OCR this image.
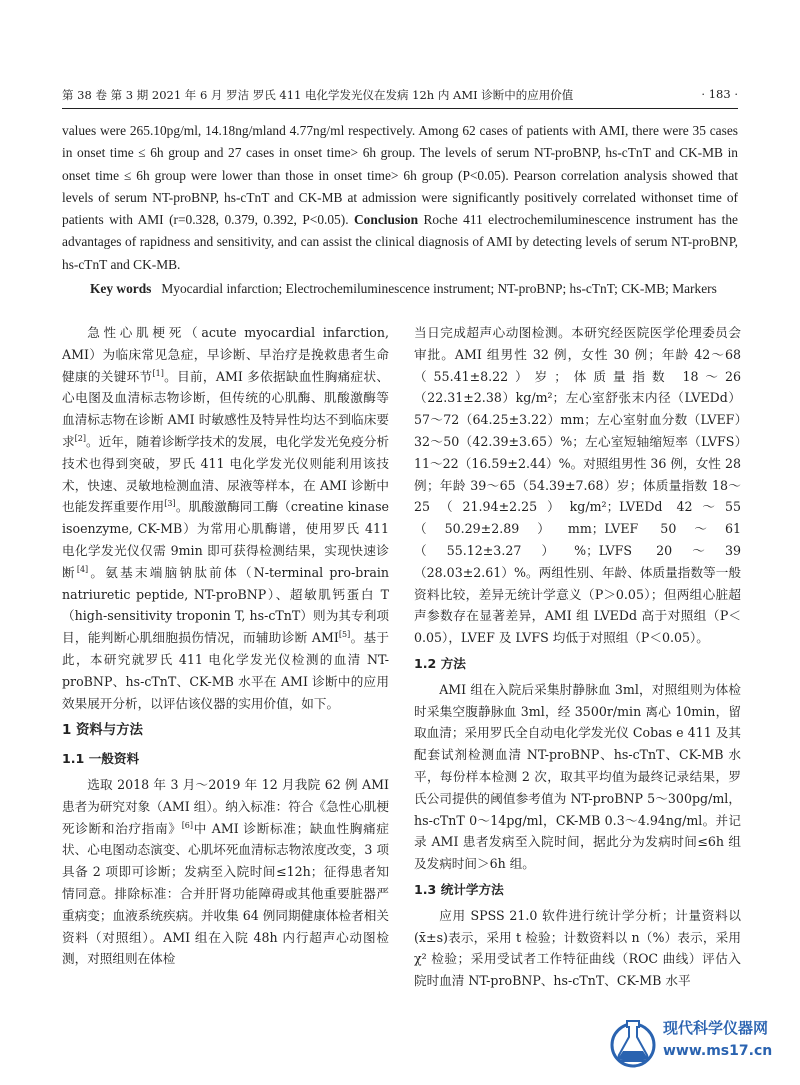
第 38 卷 第 3 期 2021 年 6 月 罗洁 罗氏 411 电化学发光仪在发病 12h 内 AMI 诊断中的应用价值	· 183 ·
values were 265.10pg/ml, 14.18ng/mland 4.77ng/ml respectively. Among 62 cases of patients with AMI, there were 35 cases in onset time ≤ 6h group and 27 cases in onset time> 6h group. The levels of serum NT-proBNP, hs-cTnT and CK-MB in onset time ≤ 6h group were lower than those in onset time> 6h group (P<0.05). Pearson correlation analysis showed that levels of serum NT-proBNP, hs-cTnT and CK-MB at admission were significantly positively correlated withonset time of patients with AMI (r=0.328, 0.379, 0.392, P<0.05). Conclusion Roche 411 electrochemiluminescence instrument has the advantages of rapidness and sensitivity, and can assist the clinical diagnosis of AMI by detecting levels of serum NT-proBNP, hs-cTnT and CK-MB.
Key words Myocardial infarction; Electrochemiluminescence instrument; NT-proBNP; hs-cTnT; CK-MB; Markers

急性心肌梗死（acute myocardial infarction, AMI）为临床常见急症，早诊断、早治疗是挽救患者生命健康的关键环节[1]。目前，AMI 多依据缺血性胸痛症状、心电图及血清标志物诊断，但传统的心肌酶、肌酸激酶等血清标志物在诊断 AMI 时敏感性及特异性均达不到临床要求[2]。近年，随着诊断学技术的发展，电化学发光免疫分析技术也得到突破，罗氏 411 电化学发光仪则能利用该技术，快速、灵敏地检测血清、尿液等样本，在 AMI 诊断中也能发挥重要作用[3]。肌酸激酶同工酶（creatine kinase isoenzyme, CK-MB）为常用心肌酶谱，使用罗氏 411 电化学发光仪仅需 9min 即可获得检测结果，实现快速诊断[4]。氨基末端脑钠肽前体（N-terminal pro-brain natriuretic peptide, NT-proBNP）、超敏肌钙蛋白 T（high-sensitivity troponin T, hs-cTnT）则为其专利项目，能判断心肌细胞损伤情况，而辅助诊断 AMI[5]。基于此，本研究就罗氏 411 电化学发光仪检测的血清 NT-proBNP、hs-cTnT、CK-MB 水平在 AMI 诊断中的应用效果展开分析，以评估该仪器的实用价值，如下。

1 资料与方法
1.1 一般资料

选取 2018 年 3 月～2019 年 12 月我院 62 例 AMI 患者为研究对象（AMI 组）。纳入标准：符合《急性心肌梗死诊断和治疗指南》[6]中 AMI 诊断标准；缺血性胸痛症状、心电图动态演变、心肌坏死血清标志物浓度改变，3 项具备 2 项即可诊断；发病至入院时间≤12h；征得患者知情同意。排除标准：合并肝肾功能障碍或其他重要脏器严重病变；血液系统疾病。并收集 64 例同期健康体检者相关资料（对照组）。AMI 组在入院 48h 内行超声心动图检测，对照组则在体检

当日完成超声心动图检测。本研究经医院医学伦理委员会审批。AMI 组男性 32 例，女性 30 例；年龄 42～68（55.41±8.22）岁；体质量指数 18～26（22.31±2.38）kg/m²；左心室舒张末内径（LVEDd）57～72（64.25±3.22）mm；左心室射血分数（LVEF）32～50（42.39±3.65）%；左心室短轴缩短率（LVFS）11～22（16.59±2.44）%。对照组男性 36 例，女性 28 例；年龄 39～65（54.39±7.68）岁；体质量指数 18～25（21.94±2.25）kg/m²；LVEDd 42～55（50.29±2.89）mm；LVEF 50～61（55.12±3.27）%；LVFS 20～39（28.03±2.61）%。两组性别、年龄、体质量指数等一般资料比较，差异无统计学意义（P＞0.05）；但两组心脏超声参数存在显著差异，AMI 组 LVEDd 高于对照组（P＜0.05），LVEF 及 LVFS 均低于对照组（P＜0.05）。

1.2 方法

AMI 组在入院后采集肘静脉血 3ml，对照组则为体检时采集空腹静脉血 3ml，经 3500r/min 离心 10min，留取血清；采用罗氏全自动电化学发光仪 Cobas e 411 及其配套试剂检测血清 NT-proBNP、hs-cTnT、CK-MB 水平，每份样本检测 2 次，取其平均值为最终记录结果，罗氏公司提供的阈值参考值为 NT-proBNP 5～300pg/ml，hs-cTnT 0～14pg/ml，CK-MB 0.3～4.94ng/ml。并记录 AMI 患者发病至入院时间，据此分为发病时间≤6h 组及发病时间＞6h 组。

1.3 统计学方法

应用 SPSS 21.0 软件进行统计学分析；计量资料以(x̄±s)表示，采用 t 检验；计数资料以 n（%）表示，采用 χ² 检验；采用受试者工作特征曲线（ROC 曲线）评估入院时血清 NT-proBNP、hs-cTnT、CK-MB 水平

现代科学仪器网
www.ms17.cn
